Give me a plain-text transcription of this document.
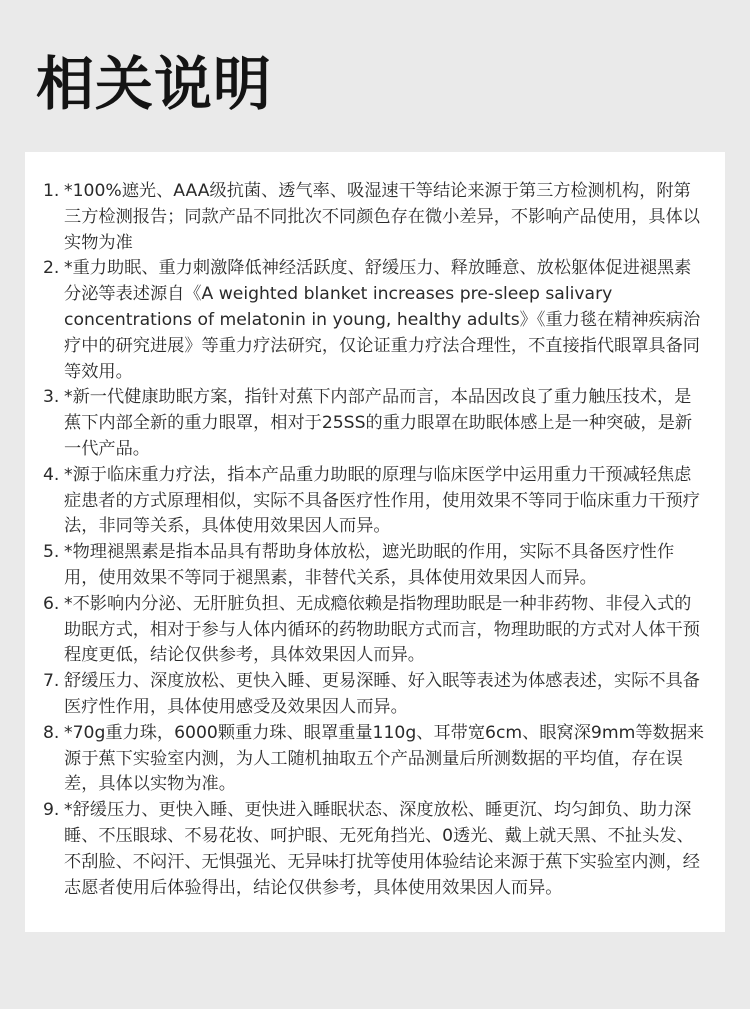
相关说明
1. *100%遮光、AAA级抗菌、透气率、吸湿速干等结论来源于第三方检测机构，附第三方检测报告；同款产品不同批次不同颜色存在微小差异，不影响产品使用，具体以实物为准
2. *重力助眠、重力刺激降低神经活跃度、舒缓压力、释放睡意、放松躯体促进褪黑素分泌等表述源自《A weighted blanket increases pre-sleep salivary concentrations of melatonin in young, healthy adults》《重力毯在精神疾病治疗中的研究进展》等重力疗法研究，仅论证重力疗法合理性，不直接指代眼罩具备同等效用。
3. *新一代健康助眠方案，指针对蕉下内部产品而言，本品因改良了重力触压技术，是蕉下内部全新的重力眼罩，相对于25SS的重力眼罩在助眠体感上是一种突破，是新一代产品。
4. *源于临床重力疗法，指本产品重力助眠的原理与临床医学中运用重力干预减轻焦虑症患者的方式原理相似，实际不具备医疗性作用，使用效果不等同于临床重力干预疗法，非同等关系，具体使用效果因人而异。
5. *物理褪黑素是指本品具有帮助身体放松，遮光助眠的作用，实际不具备医疗性作用，使用效果不等同于褪黑素，非替代关系，具体使用效果因人而异。
6. *不影响内分泌、无肝脏负担、无成瘾依赖是指物理助眠是一种非药物、非侵入式的助眠方式，相对于参与人体内循环的药物助眠方式而言，物理助眠的方式对人体干预程度更低，结论仅供参考，具体效果因人而异。
7. 舒缓压力、深度放松、更快入睡、更易深睡、好入眠等表述为体感表述，实际不具备医疗性作用，具体使用感受及效果因人而异。
8. *70g重力珠，6000颗重力珠、眼罩重量110g、耳带宽6cm、眼窝深9mm等数据来源于蕉下实验室内测，为人工随机抽取五个产品测量后所测数据的平均值，存在误差，具体以实物为准。
9. *舒缓压力、更快入睡、更快进入睡眠状态、深度放松、睡更沉、均匀卸负、助力深睡、不压眼球、不易花妆、呵护眼、无死角挡光、0透光、戴上就天黑、不扯头发、不刮脸、不闷汗、无惧强光、无异味打扰等使用体验结论来源于蕉下实验室内测，经志愿者使用后体验得出，结论仅供参考，具体使用效果因人而异。
